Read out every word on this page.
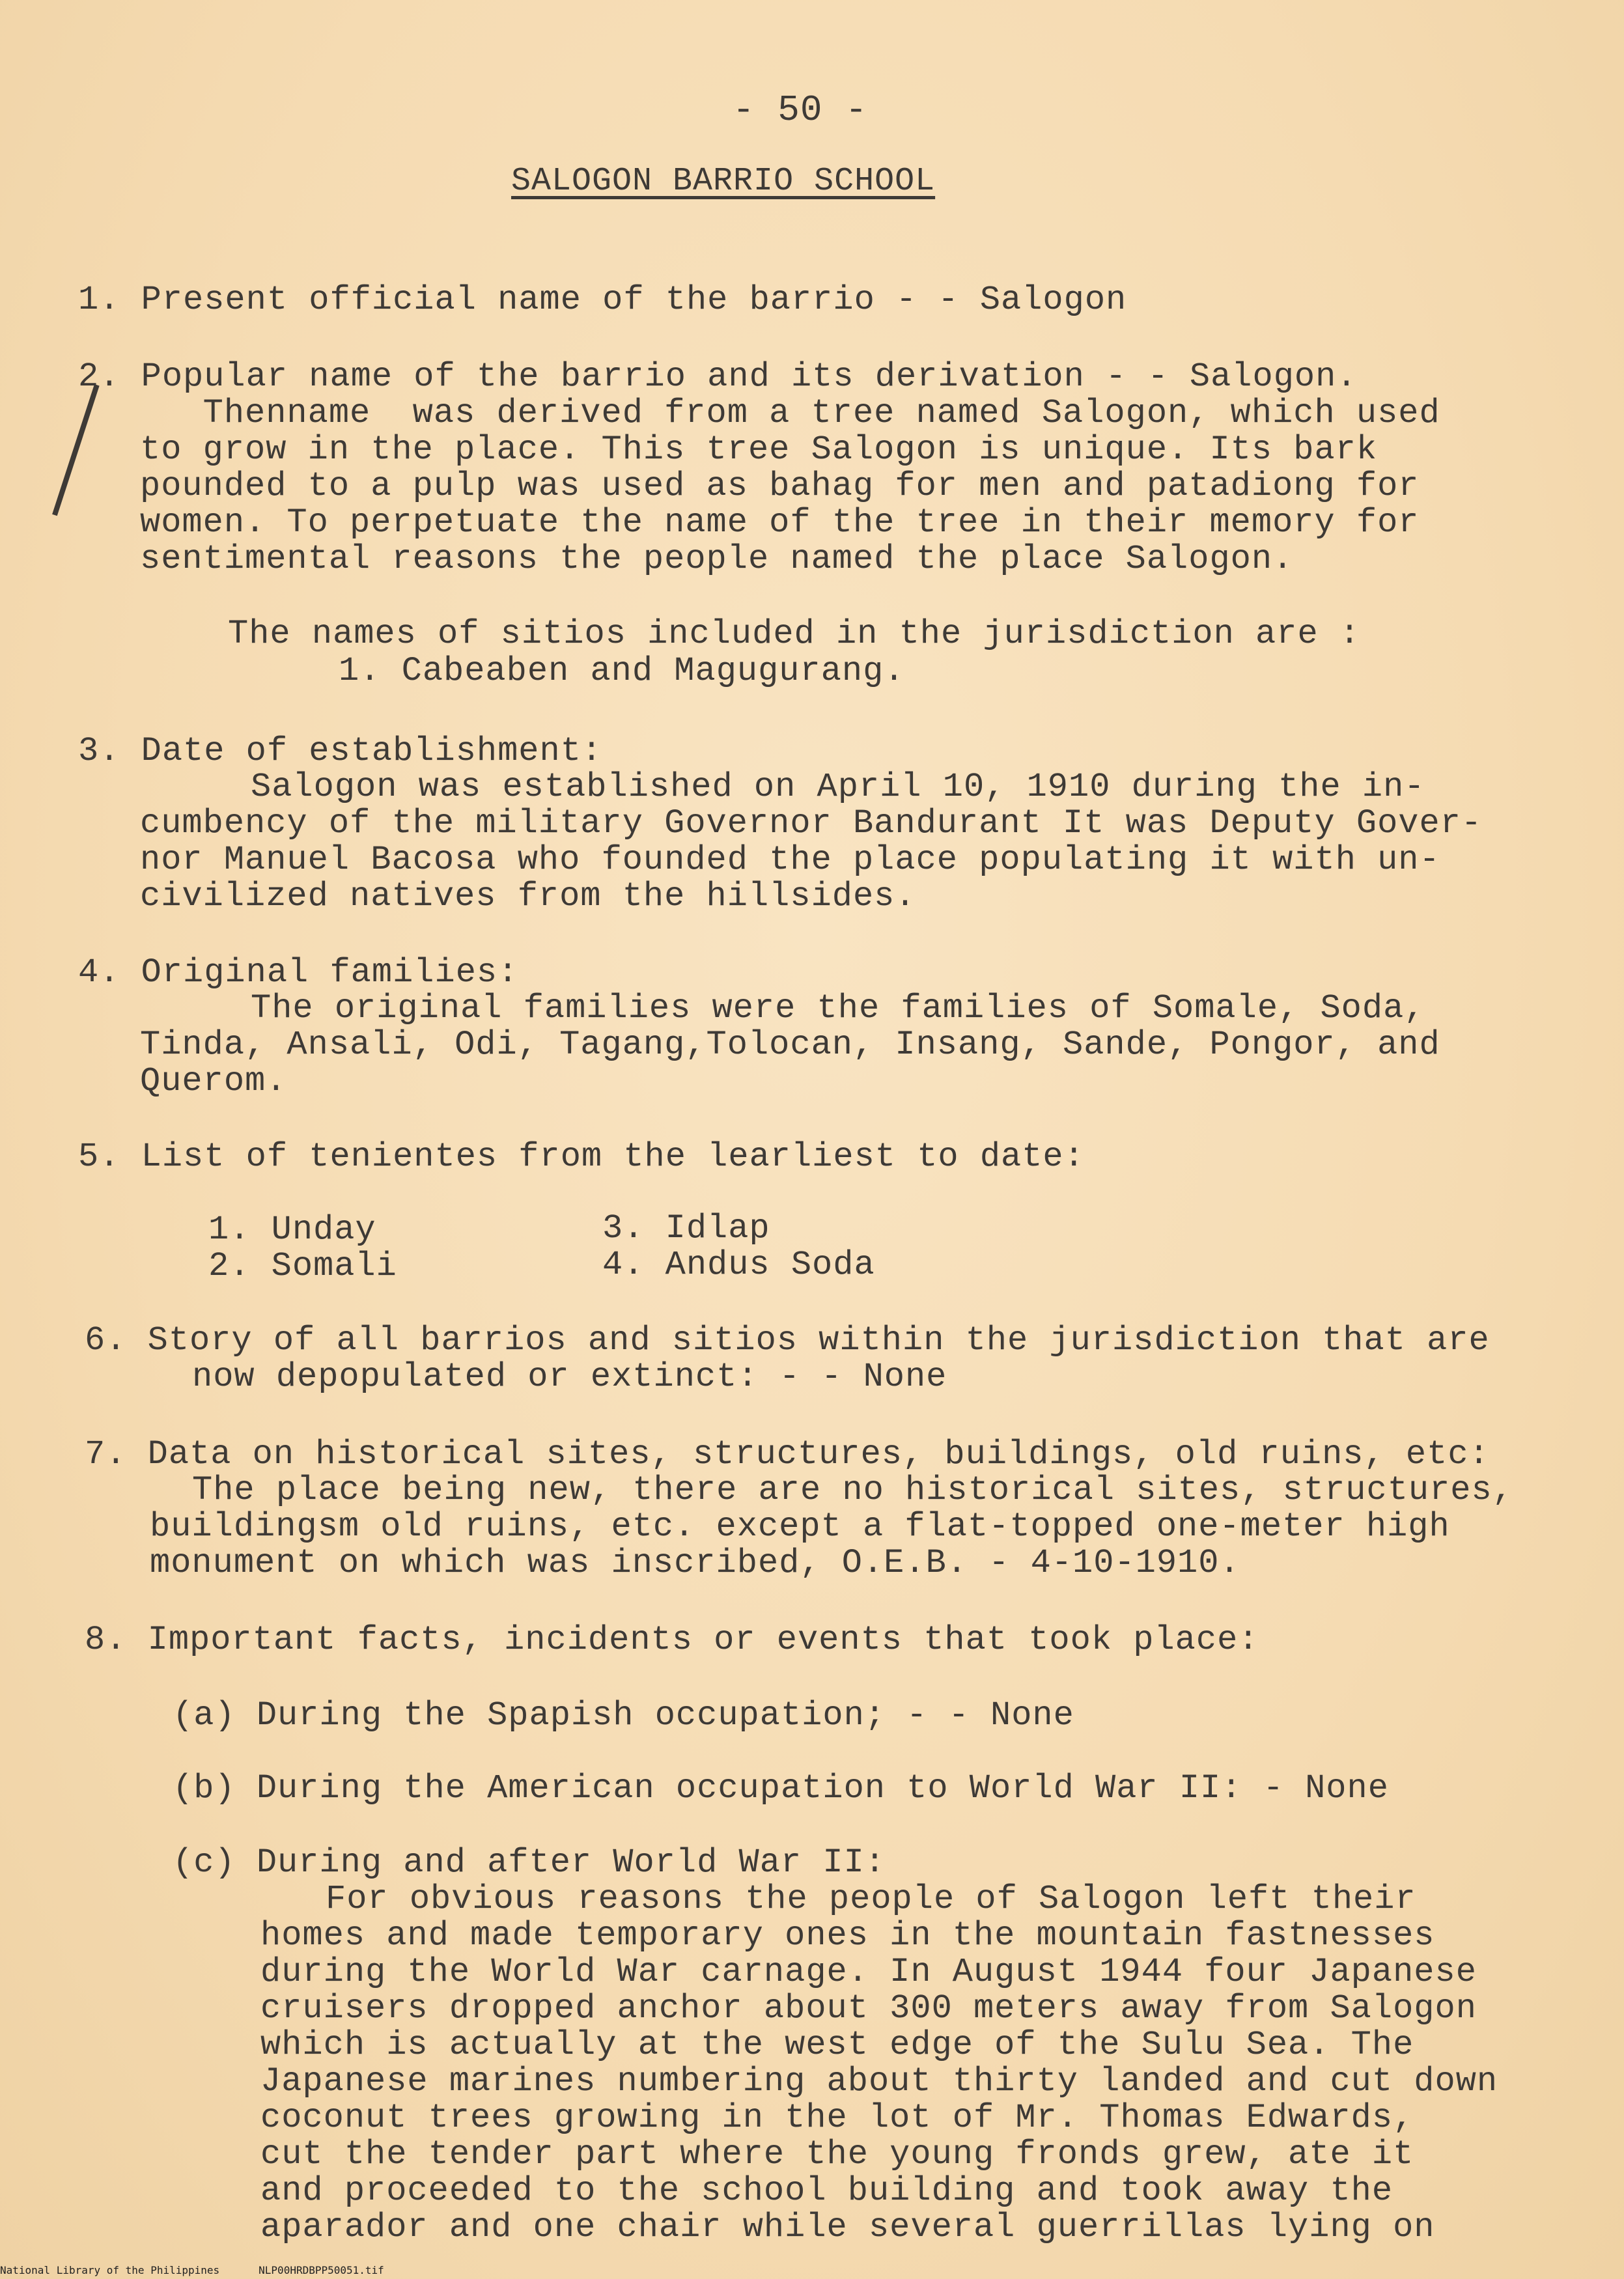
- 50 -
SALOGON BARRIO SCHOOL
1. Present official name of the barrio - - Salogon
2. Popular name of the barrio and its derivation - - Salogon.
Thenname  was derived from a tree named Salogon, which used
to grow in the place. This tree Salogon is unique. Its bark
pounded to a pulp was used as bahag for men and patadiong for
women. To perpetuate the name of the tree in their memory for
sentimental reasons the people named the place Salogon.
The names of sitios included in the jurisdiction are :
1. Cabeaben and Magugurang.
3. Date of establishment:
Salogon was established on April 10, 1910 during the in-
cumbency of the military Governor Bandurant It was Deputy Gover-
nor Manuel Bacosa who founded the place populating it with un-
civilized natives from the hillsides.
4. Original families:
The original families were the families of Somale, Soda,
Tinda, Ansali, Odi, Tagang,Tolocan, Insang, Sande, Pongor, and
Querom.
5. List of tenientes from the learliest to date:
1. Unday
2. Somali
3. Idlap
4. Andus Soda
6. Story of all barrios and sitios within the jurisdiction that are
now depopulated or extinct: - - None
7. Data on historical sites, structures, buildings, old ruins, etc:
The place being new, there are no historical sites, structures,
buildingsm old ruins, etc. except a flat-topped one-meter high
monument on which was inscribed, O.E.B. - 4-10-1910.
8. Important facts, incidents or events that took place:
(a) During the Spapish occupation; - - None
(b) During the American occupation to World War II: - None
(c) During and after World War II:
For obvious reasons the people of Salogon left their
homes and made temporary ones in the mountain fastnesses
during the World War carnage. In August 1944 four Japanese
cruisers dropped anchor about 300 meters away from Salogon
which is actually at the west edge of the Sulu Sea. The
Japanese marines numbering about thirty landed and cut down
coconut trees growing in the lot of Mr. Thomas Edwards,
cut the tender part where the young fronds grew, ate it
and proceeded to the school building and took away the
aparador and one chair while several guerrillas lying on
National Library of the Philippines	NLP00HRDBPP50051.tif
